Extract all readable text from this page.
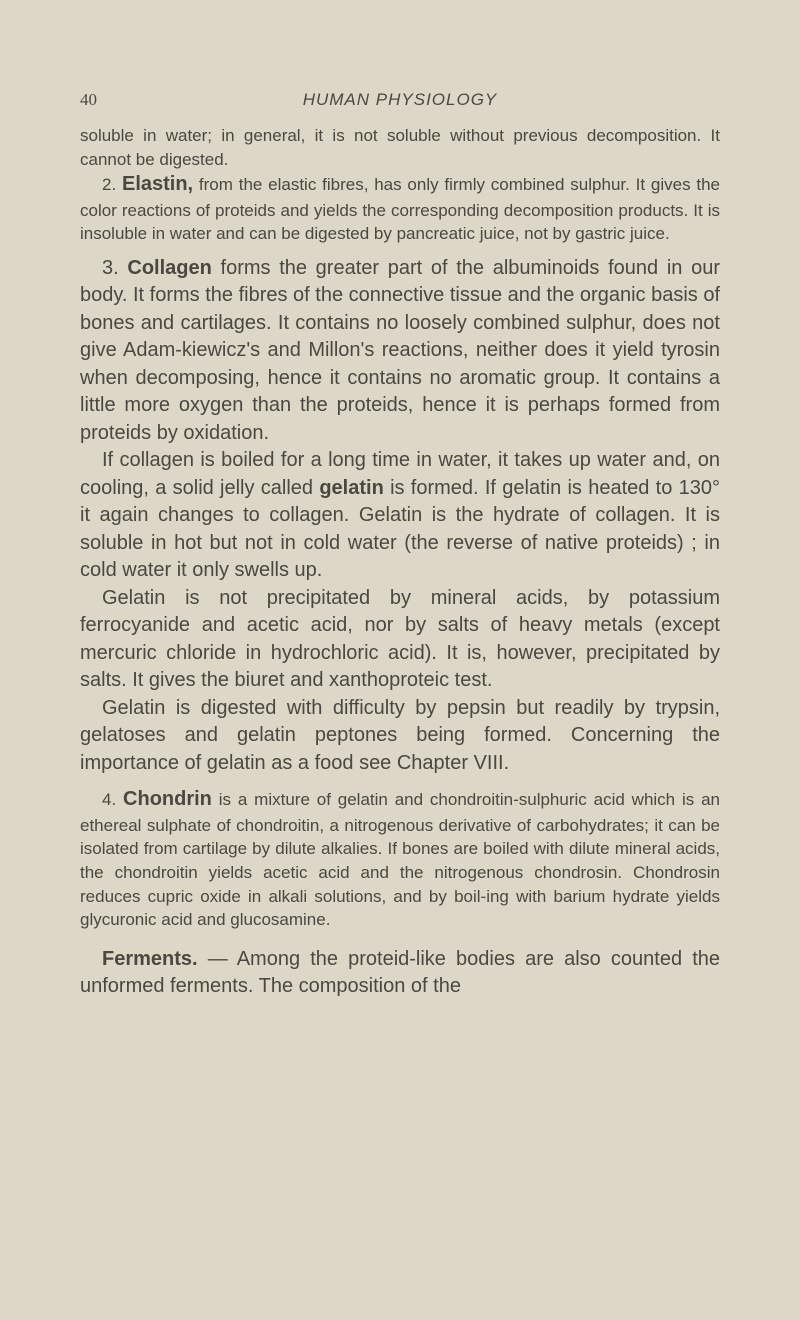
40	HUMAN PHYSIOLOGY

soluble in water; in general, it is not soluble without previous decomposition. It cannot be digested.

2. Elastin, from the elastic fibres, has only firmly combined sulphur. It gives the color reactions of proteids and yields the corresponding decomposition products. It is insoluble in water and can be digested by pancreatic juice, not by gastric juice.

3. Collagen forms the greater part of the albuminoids found in our body. It forms the fibres of the connective tissue and the organic basis of bones and cartilages. It contains no loosely combined sulphur, does not give Adam-kiewicz's and Millon's reactions, neither does it yield tyrosin when decomposing, hence it contains no aromatic group. It contains a little more oxygen than the proteids, hence it is perhaps formed from proteids by oxidation.

If collagen is boiled for a long time in water, it takes up water and, on cooling, a solid jelly called gelatin is formed. If gelatin is heated to 130° it again changes to collagen. Gelatin is the hydrate of collagen. It is soluble in hot but not in cold water (the reverse of native proteids) ; in cold water it only swells up.

Gelatin is not precipitated by mineral acids, by potassium ferrocyanide and acetic acid, nor by salts of heavy metals (except mercuric chloride in hydrochloric acid). It is, however, precipitated by salts. It gives the biuret and xanthoproteic test.

Gelatin is digested with difficulty by pepsin but readily by trypsin, gelatoses and gelatin peptones being formed. Concerning the importance of gelatin as a food see Chapter VIII.

4. Chondrin is a mixture of gelatin and chondroitin-sulphuric acid which is an ethereal sulphate of chondroitin, a nitrogenous derivative of carbohydrates; it can be isolated from cartilage by dilute alkalies. If bones are boiled with dilute mineral acids, the chondroitin yields acetic acid and the nitrogenous chondrosin. Chondrosin reduces cupric oxide in alkali solutions, and by boil-ing with barium hydrate yields glycuronic acid and glucosamine.

Ferments. — Among the proteid-like bodies are also counted the unformed ferments. The composition of the
